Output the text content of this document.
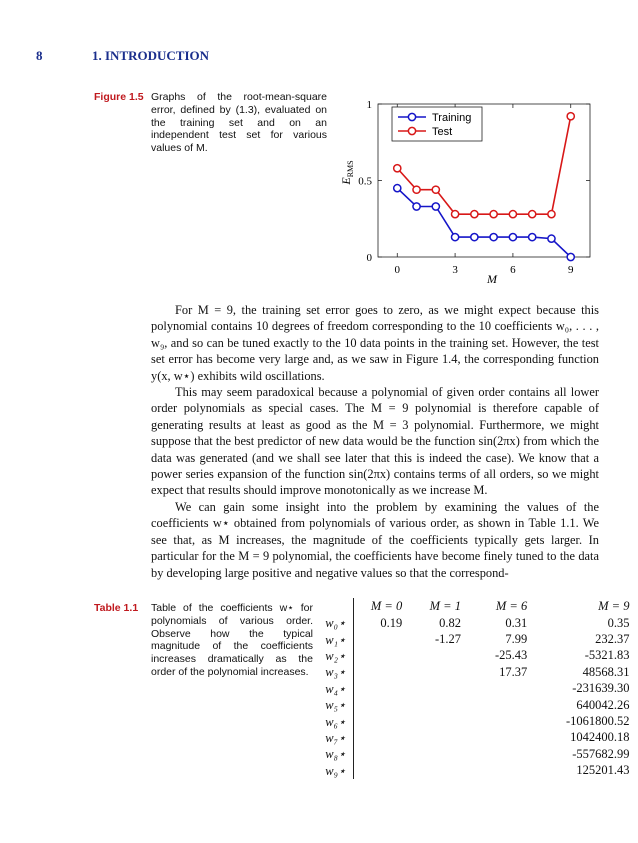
8	1. INTRODUCTION
Figure 1.5 Graphs of the root-mean-square error, defined by (1.3), evaluated on the training set and on an independent test set for various values of M.
0	3	6	9
0
0.5
1
M
$E_{RMS}$
Training
Test

For M = 9, the training set error goes to zero, as we might expect because this polynomial contains 10 degrees of freedom corresponding to the 10 coefficients w₀, . . . , w₉, and so can be tuned exactly to the 10 data points in the training set. However, the test set error has become very large and, as we saw in Figure 1.4, the corresponding function y(x, w⋆) exhibits wild oscillations.

This may seem paradoxical because a polynomial of given order contains all lower order polynomials as special cases. The M = 9 polynomial is therefore capable of generating results at least as good as the M = 3 polynomial. Furthermore, we might suppose that the best predictor of new data would be the function sin(2πx) from which the data was generated (and we shall see later that this is indeed the case). We know that a power series expansion of the function sin(2πx) contains terms of all orders, so we might expect that results should improve monotonically as we increase M.

We can gain some insight into the problem by examining the values of the coefficients w⋆ obtained from polynomials of various order, as shown in Table 1.1. We see that, as M increases, the magnitude of the coefficients typically gets larger. In particular for the M = 9 polynomial, the coefficients have become finely tuned to the data by developing large positive and negative values so that the correspond-

Table 1.1 Table of the coefficients w⋆ for polynomials of various order. Observe how the typical magnitude of the coefficients increases dramatically as the order of the polynomial increases.
	M = 0	M = 1	M = 6	M = 9
w₀⋆	0.19	0.82	0.31	0.35
w₁⋆		-1.27	7.99	232.37
w₂⋆			-25.43	-5321.83
w₃⋆			17.37	48568.31
w₄⋆				-231639.30
w₅⋆				640042.26
w₆⋆				-1061800.52
w₇⋆				1042400.18
w₈⋆				-557682.99
w₉⋆				125201.43
